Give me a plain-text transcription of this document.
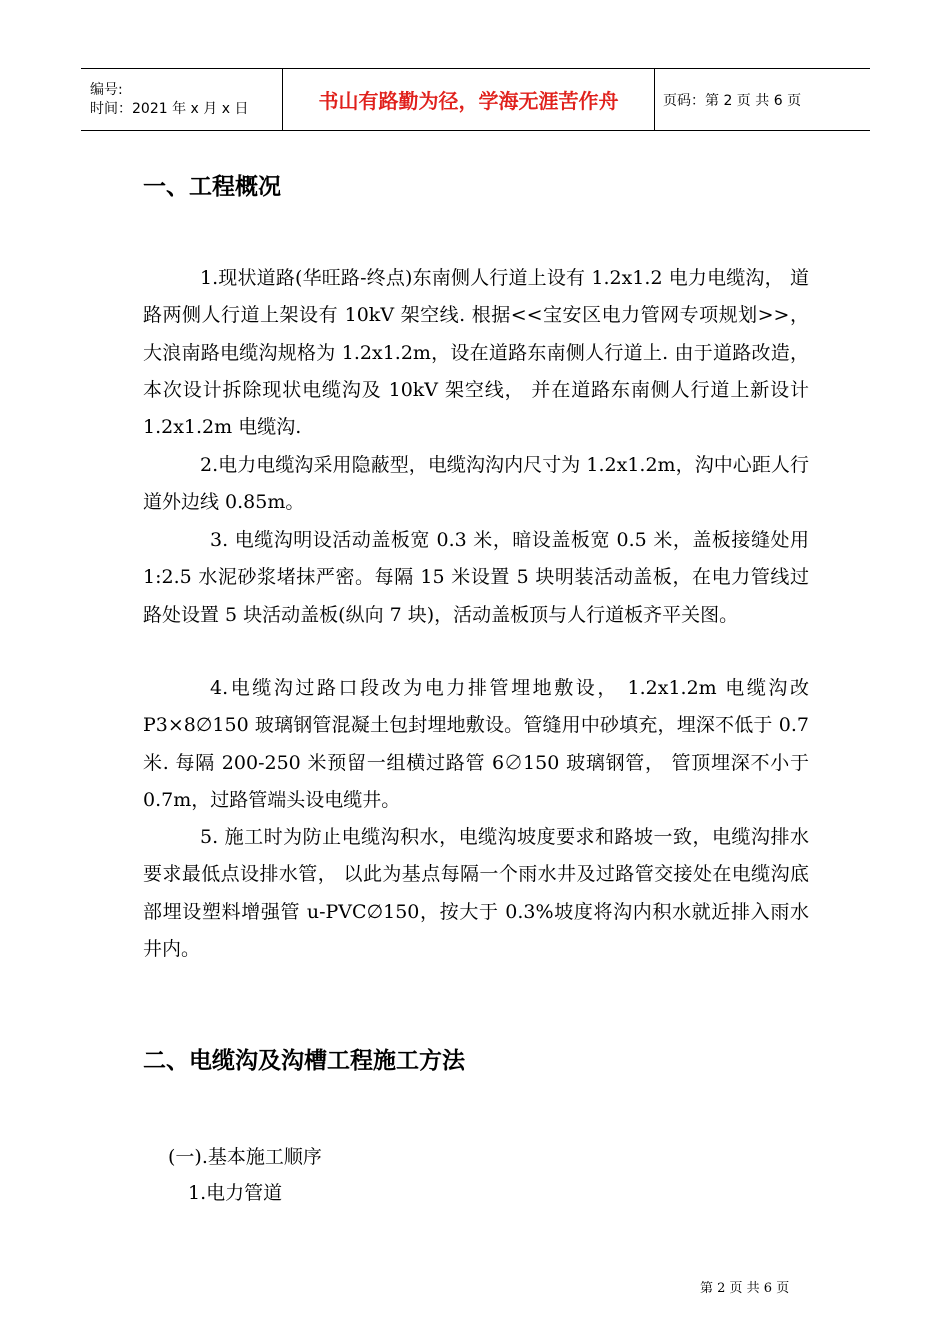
编号:
时间：2021 年 x 月 x 日	书山有路勤为径，学海无涯苦作舟	页码：第 2 页 共 6 页
一、工程概况

1.现状道路(华旺路-终点)东南侧人行道上设有 1.2x1.2 电力电缆沟， 道路两侧人行道上架设有 10kV 架空线. 根据<<宝安区电力管网专项规划>>， 大浪南路电缆沟规格为 1.2x1.2m，设在道路东南侧人行道上. 由于道路改造， 本次设计拆除现状电缆沟及 10kV 架空线， 并在道路东南侧人行道上新设计 1.2x1.2m 电缆沟.

2.电力电缆沟采用隐蔽型，电缆沟沟内尺寸为 1.2x1.2m，沟中心距人行道外边线 0.85m。

3. 电缆沟明设活动盖板宽 0.3 米，暗设盖板宽 0.5 米，盖板接缝处用 1:2.5 水泥砂浆堵抹严密。每隔 15 米设置 5 块明装活动盖板，在电力管线过路处设置 5 块活动盖板(纵向 7 块)，活动盖板顶与人行道板齐平关图。

4.电缆沟过路口段改为电力排管埋地敷设， 1.2x1.2m 电缆沟改 P3×8∅150 玻璃钢管混凝土包封埋地敷设。管缝用中砂填充，埋深不低于 0.7 米. 每隔 200-250 米预留一组横过路管 6∅150 玻璃钢管， 管顶埋深不小于 0.7m，过路管端头设电缆井。

5. 施工时为防止电缆沟积水，电缆沟坡度要求和路坡一致，电缆沟排水要求最低点设排水管， 以此为基点每隔一个雨水井及过路管交接处在电缆沟底部埋设塑料增强管 u-PVC∅150，按大于 0.3%坡度将沟内积水就近排入雨水井内。

二、电缆沟及沟槽工程施工方法

(一).基本施工顺序

1.电力管道

第 2 页 共 6 页
